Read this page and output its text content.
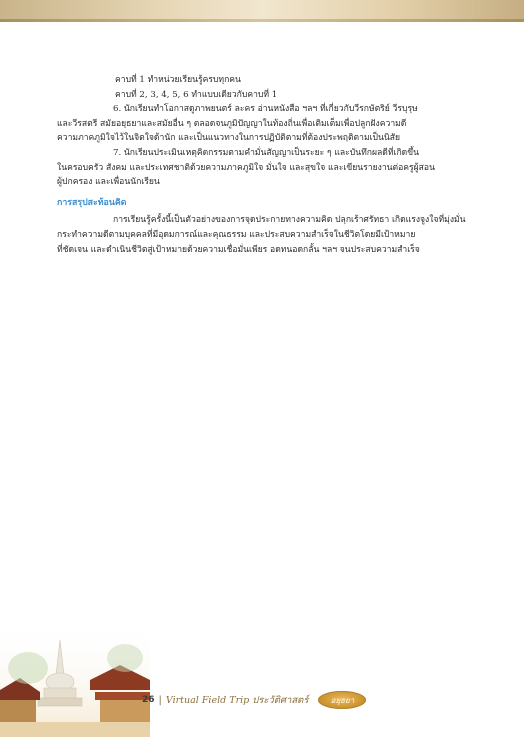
คาบที่ 1 ทำหน่วยเรียนรู้ครบทุกคน
คาบที่ 2, 3, 4, 5, 6 ทำแบบเดียวกับคาบที่ 1
6. นักเรียนทำโอกาสดูภาพยนตร์ ละคร อ่านหนังสือ ฯลฯ ที่เกี่ยวกับวีรกษัตริย์ วีรบุรุษ
และวีรสตรี สมัยอยุธยาและสมัยอื่น ๆ ตลอดจนภูมิปัญญาในท้องถิ่นเพื่อเติมเต็มเพื่อปลูกฝังความดี
ความภาคภูมิใจไว้ในจิตใจด้านัก และเป็นแนวทางในการปฏิบัติตามที่ต้องประพฤติตามเป็นนิสัย
7. นักเรียนประเมินเหตุคิดกรรมตามคำมั่นสัญญาเป็นระยะ ๆ และบันทึกผลดีที่เกิดขึ้น
ในครอบครัว สังคม และประเทศชาติด้วยความภาคภูมิใจ มั่นใจ และสุขใจ และเขียนรายงานต่อครูผู้สอน
ผู้ปกครอง และเพื่อนนักเรียน
การสรุปสะท้อนคิด
การเรียนรู้ครั้งนี้เป็นตัวอย่างของการจุดประกายทางความคิด ปลุกเร้าศรัทธา เกิดแรงจูงใจที่มุ่งมั่น
กระทำความดีตามบุคคลที่มีอุดมการณ์และคุณธรรม และประสบความสำเร็จในชีวิตโดยมีเป้าหมาย
ที่ชัดเจน และดำเนินชีวิตสู่เป้าหมายด้วยความเชื่อมั่นเพียร อดทนอดกลั้น ฯลฯ จนประสบความสำเร็จ
26 | Virtual Field Trip ประวัติศาสตร์	อยุธยา
